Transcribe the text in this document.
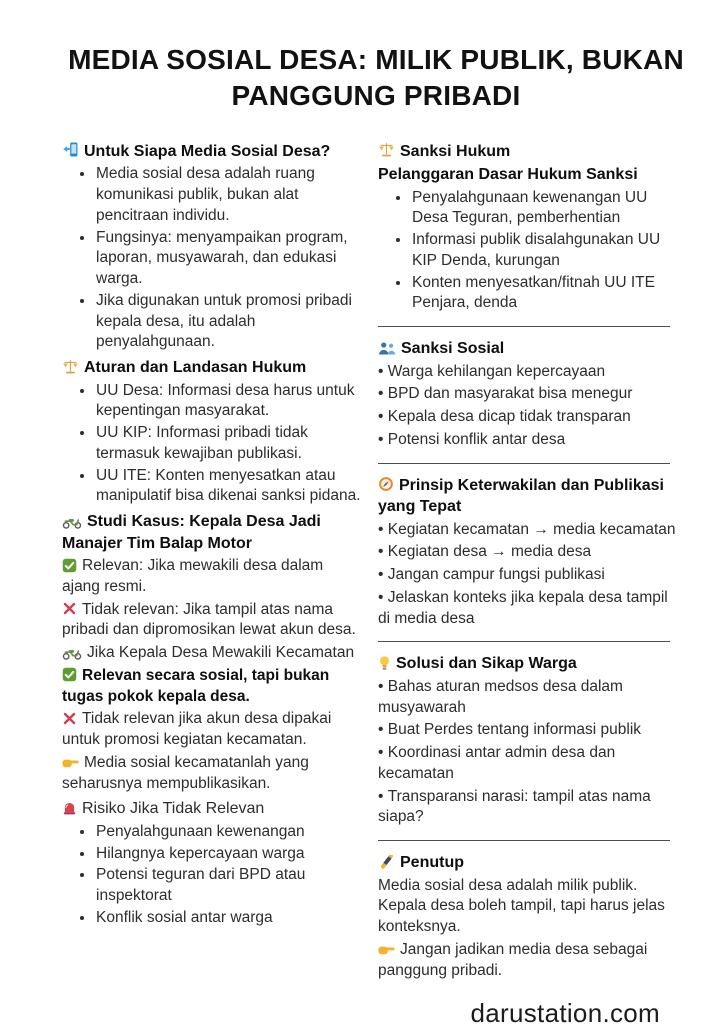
MEDIA SOSIAL DESA: MILIK PUBLIK, BUKAN PANGGUNG PRIBADI
Untuk Siapa Media Sosial Desa?
• Media sosial desa adalah ruang komunikasi publik, bukan alat pencitraan individu.
• Fungsinya: menyampaikan program, laporan, musyawarah, dan edukasi warga.
• Jika digunakan untuk promosi pribadi kepala desa, itu adalah penyalahgunaan.
Aturan dan Landasan Hukum
• UU Desa: Informasi desa harus untuk kepentingan masyarakat.
• UU KIP: Informasi pribadi tidak termasuk kewajiban publikasi.
• UU ITE: Konten menyesatkan atau manipulatif bisa dikenai sanksi pidana.
Studi Kasus: Kepala Desa Jadi Manajer Tim Balap Motor
Relevan: Jika mewakili desa dalam ajang resmi.
Tidak relevan: Jika tampil atas nama pribadi dan dipromosikan lewat akun desa.
Jika Kepala Desa Mewakili Kecamatan
Relevan secara sosial, tapi bukan tugas pokok kepala desa.
Tidak relevan jika akun desa dipakai untuk promosi kegiatan kecamatan.
Media sosial kecamatanlah yang seharusnya mempublikasikan.
Risiko Jika Tidak Relevan
• Penyalahgunaan kewenangan
• Hilangnya kepercayaan warga
• Potensi teguran dari BPD atau inspektorat
• Konflik sosial antar warga
Sanksi Hukum
Pelanggaran Dasar Hukum Sanksi
• Penyalahgunaan kewenangan UU Desa Teguran, pemberhentian
• Informasi publik disalahgunakan UU KIP Denda, kurungan
• Konten menyesatkan/fitnah UU ITE Penjara, denda
Sanksi Sosial
• Warga kehilangan kepercayaan
• BPD dan masyarakat bisa menegur
• Kepala desa dicap tidak transparan
• Potensi konflik antar desa
Prinsip Keterwakilan dan Publikasi yang Tepat
• Kegiatan kecamatan → media kecamatan
• Kegiatan desa → media desa
• Jangan campur fungsi publikasi
• Jelaskan konteks jika kepala desa tampil di media desa
Solusi dan Sikap Warga
• Bahas aturan medsos desa dalam musyawarah
• Buat Perdes tentang informasi publik
• Koordinasi antar admin desa dan kecamatan
• Transparansi narasi: tampil atas nama siapa?
Penutup
Media sosial desa adalah milik publik. Kepala desa boleh tampil, tapi harus jelas konteksnya.
Jangan jadikan media desa sebagai panggung pribadi.
darustation.com
